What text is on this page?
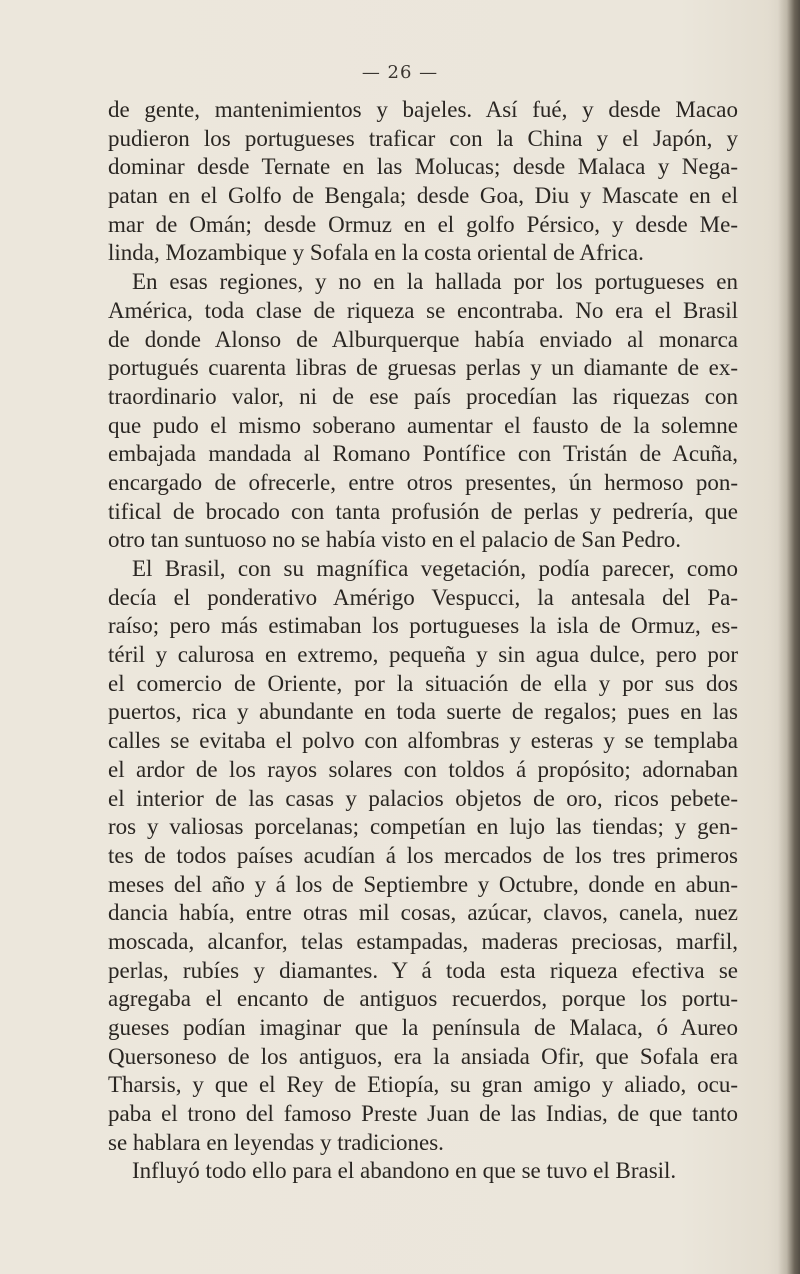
— 26 —
de gente, mantenimientos y bajeles. Así fué, y desde Macao
pudieron los portugueses traficar con la China y el Japón, y
dominar desde Ternate en las Molucas; desde Malaca y Nega-
patan en el Golfo de Bengala; desde Goa, Diu y Mascate en el
mar de Omán; desde Ormuz en el golfo Pérsico, y desde Me-
linda, Mozambique y Sofala en la costa oriental de Africa.
En esas regiones, y no en la hallada por los portugueses en
América, toda clase de riqueza se encontraba. No era el Brasil
de donde Alonso de Alburquerque había enviado al monarca
portugués cuarenta libras de gruesas perlas y un diamante de ex-
traordinario valor, ni de ese país procedían las riquezas con
que pudo el mismo soberano aumentar el fausto de la solemne
embajada mandada al Romano Pontífice con Tristán de Acuña,
encargado de ofrecerle, entre otros presentes, ún hermoso pon-
tifical de brocado con tanta profusión de perlas y pedrería, que
otro tan suntuoso no se había visto en el palacio de San Pedro.
El Brasil, con su magnífica vegetación, podía parecer, como
decía el ponderativo Amérigo Vespucci, la antesala del Pa-
raíso; pero más estimaban los portugueses la isla de Ormuz, es-
téril y calurosa en extremo, pequeña y sin agua dulce, pero por
el comercio de Oriente, por la situación de ella y por sus dos
puertos, rica y abundante en toda suerte de regalos; pues en las
calles se evitaba el polvo con alfombras y esteras y se templaba
el ardor de los rayos solares con toldos á propósito; adornaban
el interior de las casas y palacios objetos de oro, ricos pebete-
ros y valiosas porcelanas; competían en lujo las tiendas; y gen-
tes de todos países acudían á los mercados de los tres primeros
meses del año y á los de Septiembre y Octubre, donde en abun-
dancia había, entre otras mil cosas, azúcar, clavos, canela, nuez
moscada, alcanfor, telas estampadas, maderas preciosas, marfil,
perlas, rubíes y diamantes. Y á toda esta riqueza efectiva se
agregaba el encanto de antiguos recuerdos, porque los portu-
gueses podían imaginar que la península de Malaca, ó Aureo
Quersoneso de los antiguos, era la ansiada Ofir, que Sofala era
Tharsis, y que el Rey de Etiopía, su gran amigo y aliado, ocu-
paba el trono del famoso Preste Juan de las Indias, de que tanto
se hablara en leyendas y tradiciones.
Influyó todo ello para el abandono en que se tuvo el Brasil.
